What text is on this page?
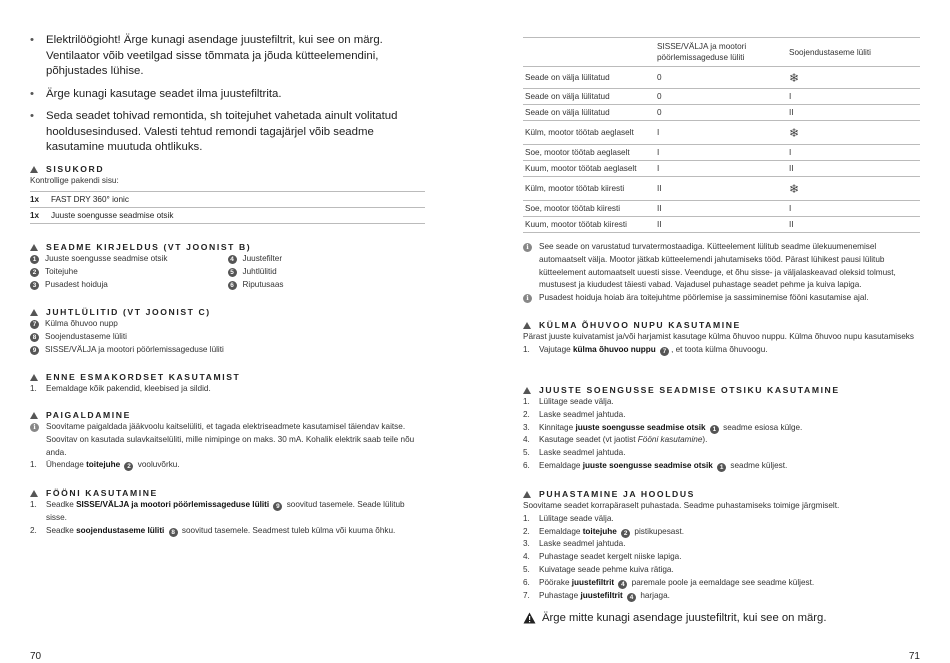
• Elektrilöögioht! Ärge kunagi asendage juustefiltrit, kui see on märg. Ventilaator võib veetilgad sisse tõmmata ja jõuda kütteelemendini, põhjustades lühise.
• Ärge kunagi kasutage seadet ilma juustefiltrita.
• Seda seadet tohivad remontida, sh toitejuhet vahetada ainult volitatud hooldusesindused. Valesti tehtud remondi tagajärjel võib seadme kasutamine muutuda ohtlikuks.
SISUKORD
Kontrollige pakendi sisu:
1x	FAST DRY 360° ionic
1x	Juuste soengusse seadmise otsik
SEADME KIRJELDUS (VT JOONIST B)
1	Juuste soengusse seadmise otsik
2	Toitejuhe
3	Pusadest hoiduja
4	Juustefilter
5	Juhtlülitid
6	Riputusaas
JUHTLÜLITID (VT JOONIST C)
7	Külma õhuvoo nupp
8	Soojendustaseme lüliti
9	SISSE/VÄLJA ja mootori pöörlemissageduse lüliti
ENNE ESMAKORDSET KASUTAMIST
1.	Eemaldage kõik pakendid, kleebised ja sildid.
PAIGALDAMINE
i	Soovitame paigaldada jääkvoolu kaitselüliti, et tagada elektriseadmete kasutamisel täiendav kaitse. Soovitav on kasutada sulavkaitselüliti, mille nimipinge on maks. 30 mA. Kohalik elektrik saab teile nõu anda.
1.	Ühendage toitejuhe 2 vooluvõrku.
FÖÖNI KASUTAMINE
1.	Seadke SISSE/VÄLJA ja mootori pöörlemissageduse lüliti 9 soovitud tasemele. Seade lülitub sisse.
2.	Seadke soojendustaseme lüliti 8 soovitud tasemele. Seadmest tuleb külma või kuuma õhku.
70
	SISSE/VÄLJA ja mootori pöörlemissageduse lüliti	Soojendustaseme lüliti
Seade on välja lülitatud	0	❄
Seade on välja lülitatud	0	I
Seade on välja lülitatud	0	II
Külm, mootor töötab aeglaselt	I	❄
Soe, mootor töötab aeglaselt	I	I
Kuum, mootor töötab aeglaselt	I	II
Külm, mootor töötab kiiresti	II	❄
Soe, mootor töötab kiiresti	II	I
Kuum, mootor töötab kiiresti	II	II
i	See seade on varustatud turvatermostaadiga. Kütteelement lülitub seadme ülekuumenemisel automaatselt välja. Mootor jätkab kütteelemendi jahutamiseks tööd. Pärast lühikest pausi lülitub kütteelement automaatselt uuesti sisse. Veenduge, et õhu sisse- ja väljalaskeavad oleksid tolmust, mustusest ja kiududest täiesti vabad. Vajadusel puhastage seadet pehme ja kuiva lapiga.
i	Pusadest hoiduja hoiab ära toitejuhtme pöörlemise ja sassiminemise fööni kasutamise ajal.
KÜLMA ÕHUVOO NUPU KASUTAMINE
Pärast juuste kuivatamist ja/või harjamist kasutage külma õhuvoo nuppu. Külma õhuvoo nupu kasutamiseks
1.	Vajutage külma õhuvoo nuppu 7 , et toota külma õhuvoogu.
JUUSTE SOENGUSSE SEADMISE OTSIKU KASUTAMINE
1.	Lülitage seade välja.
2.	Laske seadmel jahtuda.
3.	Kinnitage juuste soengusse seadmise otsik 1 seadme esiosa külge.
4.	Kasutage seadet (vt jaotist Fööni kasutamine).
5.	Laske seadmel jahtuda.
6.	Eemaldage juuste soengusse seadmise otsik 1 seadme küljest.
PUHASTAMINE JA HOOLDUS
Soovitame seadet korrapäraselt puhastada. Seadme puhastamiseks toimige järgmiselt.
1.	Lülitage seade välja.
2.	Eemaldage toitejuhe 2 pistikupesast.
3.	Laske seadmel jahtuda.
4.	Puhastage seadet kergelt niiske lapiga.
5.	Kuivatage seade pehme kuiva rätiga.
6.	Pöörake juustefiltrit 4 paremale poole ja eemaldage see seadme küljest.
7.	Puhastage juustefiltrit 4 harjaga.
Ärge mitte kunagi asendage juustefiltrit, kui see on märg.
71
